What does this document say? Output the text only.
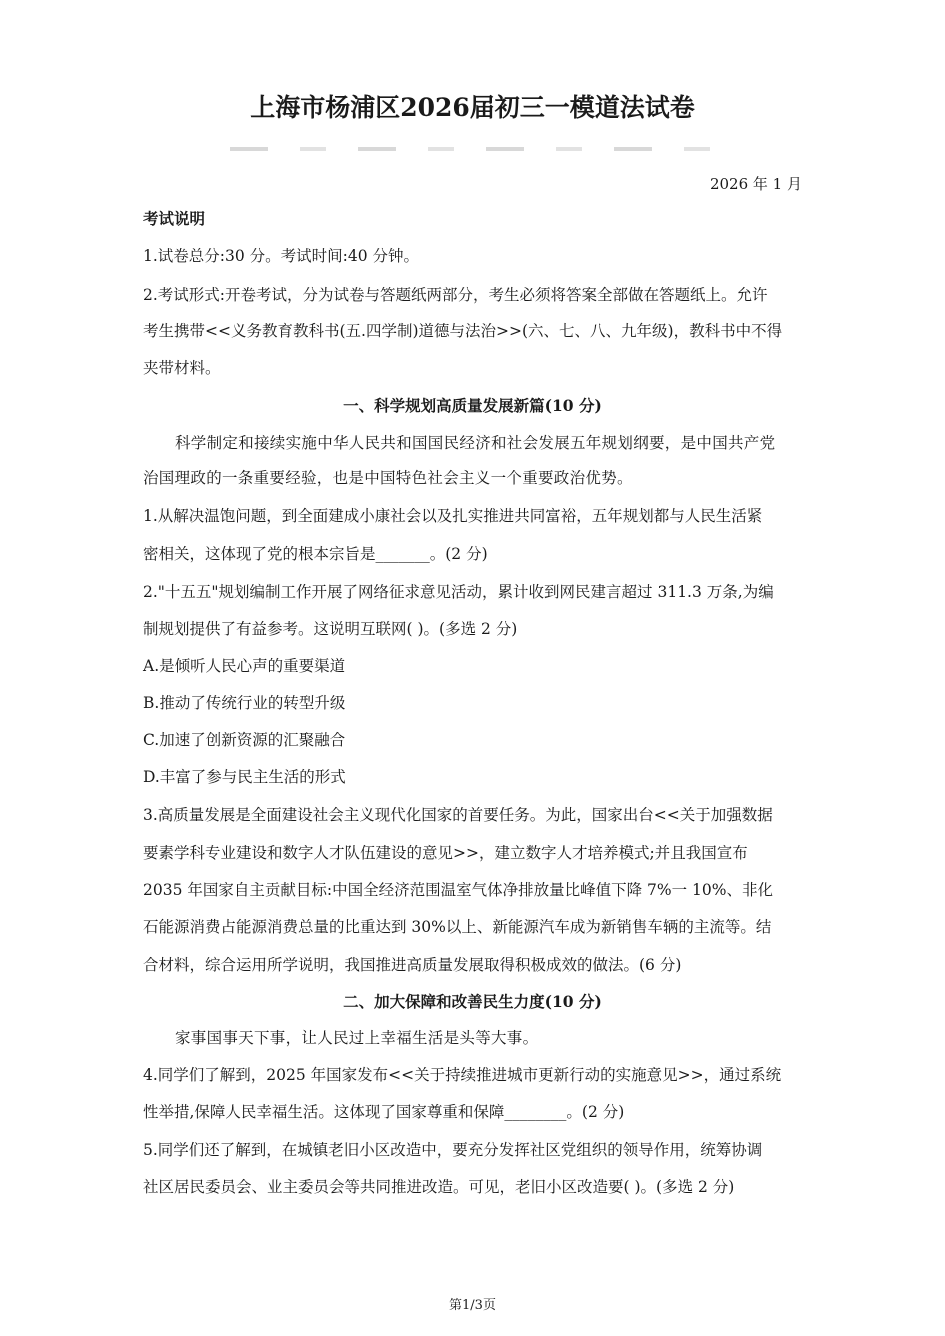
上海市杨浦区2026届初三一模道法试卷
2026 年 1 月
考试说明
1.试卷总分:30 分。考试时间:40 分钟。
2.考试形式:开卷考试，分为试卷与答题纸两部分，考生必须将答案全部做在答题纸上。允许
考生携带<<义务教育教科书(五.四学制)道德与法治>>(六、七、八、九年级)，教科书中不得
夹带材料。
一、科学规划高质量发展新篇(10 分)
科学制定和接续实施中华人民共和国国民经济和社会发展五年规划纲要，是中国共产党
治国理政的一条重要经验，也是中国特色社会主义一个重要政治优势。
1.从解决温饱问题，到全面建成小康社会以及扎实推进共同富裕，五年规划都与人民生活紧
密相关，这体现了党的根本宗旨是_______。(2 分)
2."十五五"规划编制工作开展了网络征求意见活动，累计收到网民建言超过 311.3 万条,为编
制规划提供了有益参考。这说明互联网( )。(多选 2 分)
A.是倾听人民心声的重要渠道
B.推动了传统行业的转型升级
C.加速了创新资源的汇聚融合
D.丰富了参与民主生活的形式
3.高质量发展是全面建设社会主义现代化国家的首要任务。为此，国家出台<<关于加强数据
要素学科专业建设和数字人才队伍建设的意见>>，建立数字人才培养模式;并且我国宣布
2035 年国家自主贡献目标:中国全经济范围温室气体净排放量比峰值下降 7%一 10%、非化
石能源消费占能源消费总量的比重达到 30%以上、新能源汽车成为新销售车辆的主流等。结
合材料，综合运用所学说明，我国推进高质量发展取得积极成效的做法。(6 分)
二、加大保障和改善民生力度(10 分)
家事国事天下事，让人民过上幸福生活是头等大事。
4.同学们了解到，2025 年国家发布<<关于持续推进城市更新行动的实施意见>>，通过系统
性举措,保障人民幸福生活。这体现了国家尊重和保障________。(2 分)
5.同学们还了解到，在城镇老旧小区改造中，要充分发挥社区党组织的领导作用，统筹协调
社区居民委员会、业主委员会等共同推进改造。可见，老旧小区改造要( )。(多选 2 分)
第1/3页
